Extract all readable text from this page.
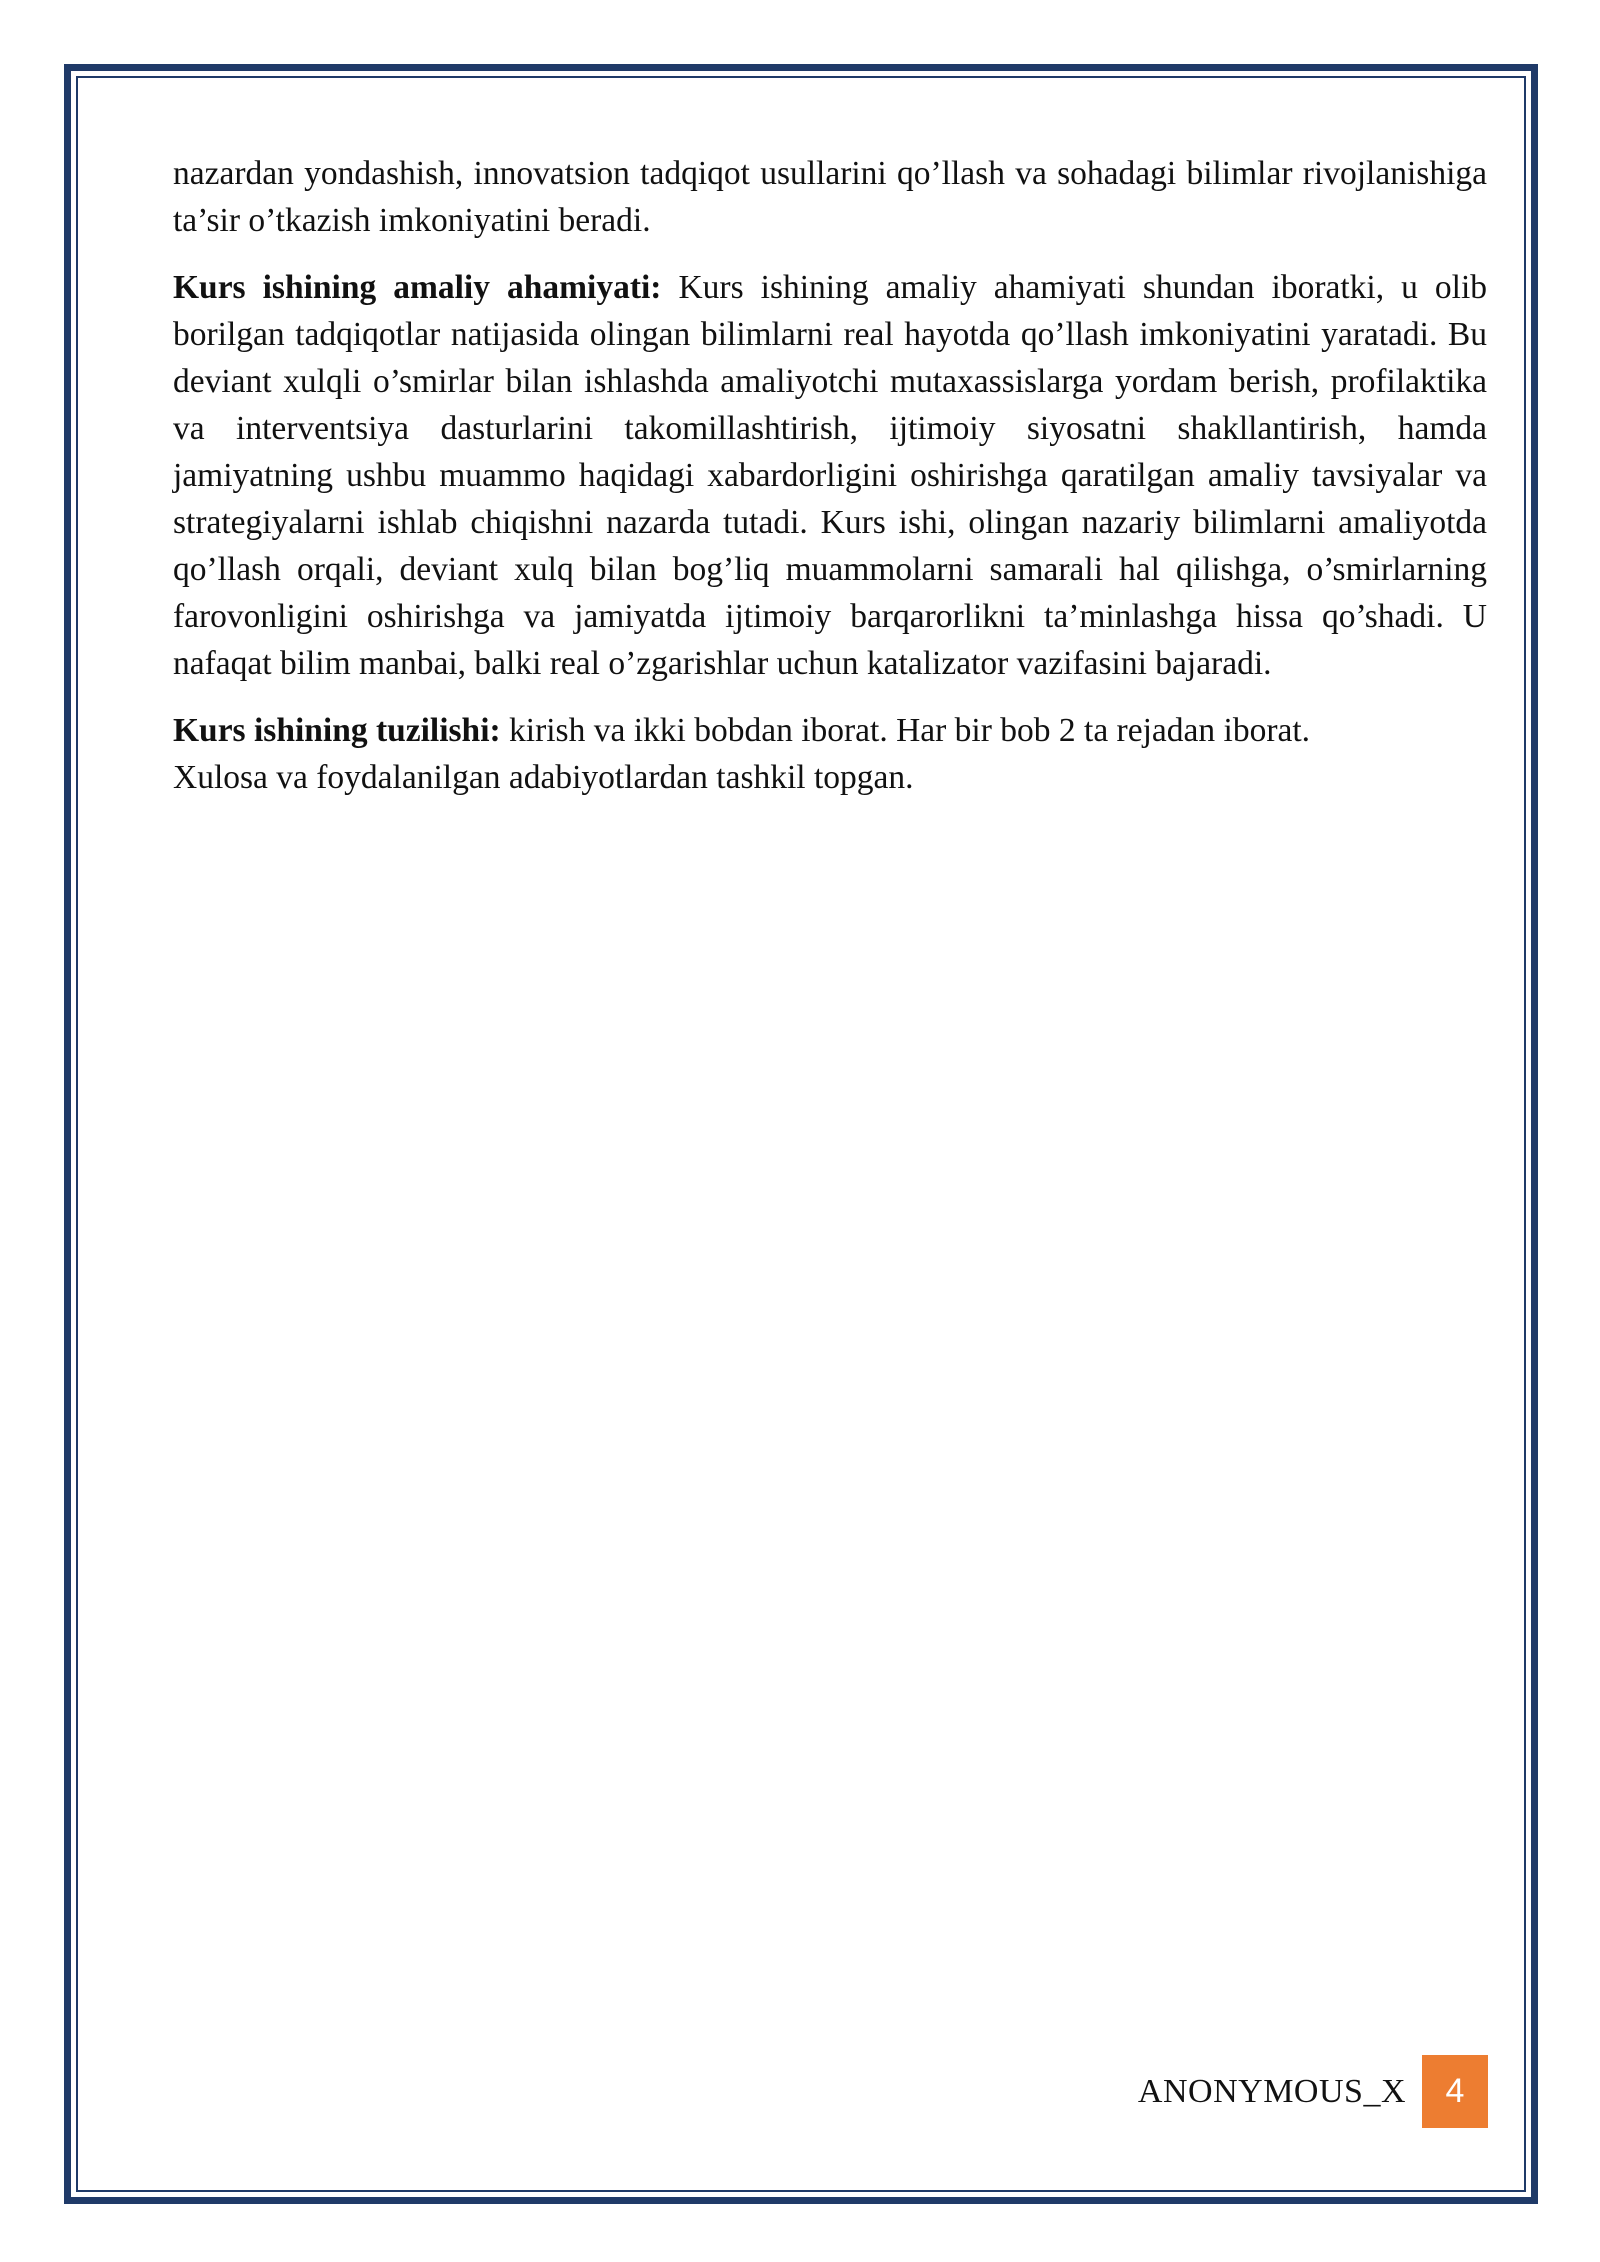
nazardan yondashish, innovatsion tadqiqot usullarini qo’llash va sohadagi bilimlar rivojlanishiga ta’sir o’tkazish imkoniyatini beradi.

Kurs ishining amaliy ahamiyati: Kurs ishining amaliy ahamiyati shundan iboratki, u olib borilgan tadqiqotlar natijasida olingan bilimlarni real hayotda qo’llash imkoniyatini yaratadi. Bu deviant xulqli o’smirlar bilan ishlashda amaliyotchi mutaxassislarga yordam berish, profilaktika va interventsiya dasturlarini takomillashtirish, ijtimoiy siyosatni shakllantirish, hamda jamiyatning ushbu muammo haqidagi xabardorligini oshirishga qaratilgan amaliy tavsiyalar va strategiyalarni ishlab chiqishni nazarda tutadi. Kurs ishi, olingan nazariy bilimlarni amaliyotda qo’llash orqali, deviant xulq bilan bog’liq muammolarni samarali hal qilishga, o’smirlarning farovonligini oshirishga va jamiyatda ijtimoiy barqarorlikni ta’minlashga hissa qo’shadi. U nafaqat bilim manbai, balki real o’zgarishlar uchun katalizator vazifasini bajaradi.

Kurs ishining tuzilishi: kirish va ikki bobdan iborat. Har bir bob 2 ta rejadan iborat.
Xulosa va foydalanilgan adabiyotlardan tashkil topgan.

ANONYMOUS_X 4
